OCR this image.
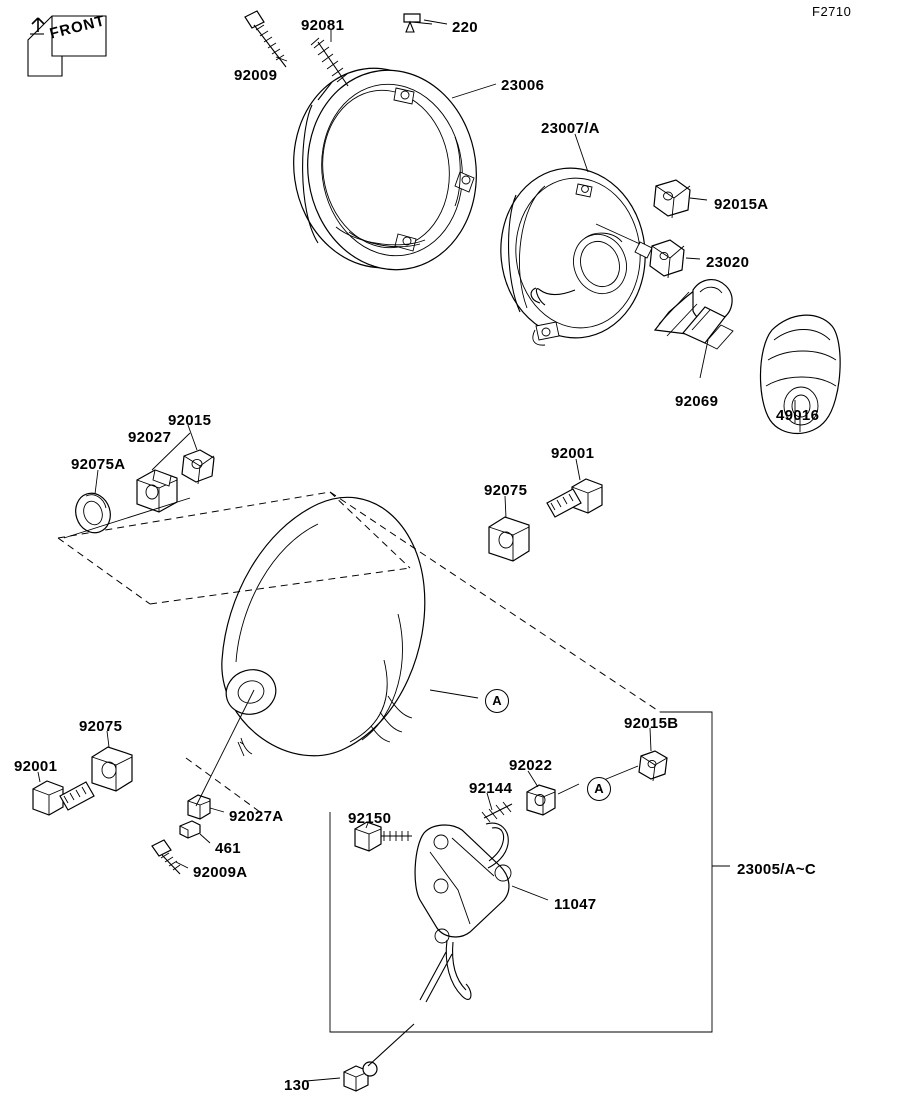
F2710
FRONT
A
A
92009
92081	220
23006
23007/A
92015A
23020
49016
92069
92015
92027
92075A
92075
92001
92075
92001
92027A
461
92009A
92150
92144
92022
92015B
11047
23005/A~C
130
